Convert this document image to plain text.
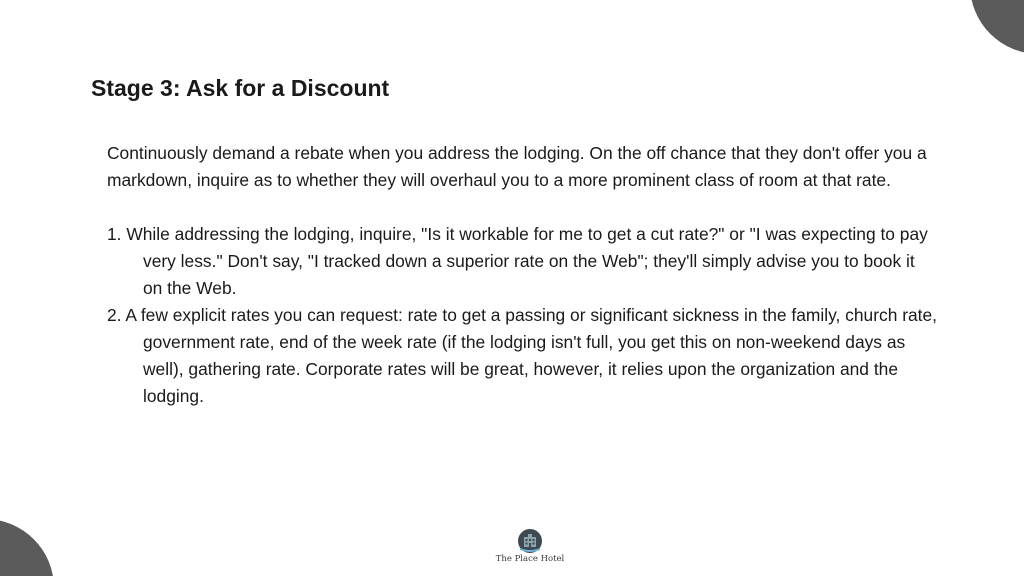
Stage 3: Ask for a Discount

Continuously demand a rebate when you address the lodging. On the off chance that they don't offer you a markdown, inquire as to whether they will overhaul you to a more prominent class of room at that rate.

1. While addressing the lodging, inquire, "Is it workable for me to get a cut rate?" or "I was expecting to pay very less." Don't say, "I tracked down a superior rate on the Web"; they'll simply advise you to book it on the Web.
2. A few explicit rates you can request: rate to get a passing or significant sickness in the family, church rate, government rate, end of the week rate (if the lodging isn't full, you get this on non-weekend days as well), gathering rate. Corporate rates will be great, however, it relies upon the organization and the lodging.
The Place Hotel
